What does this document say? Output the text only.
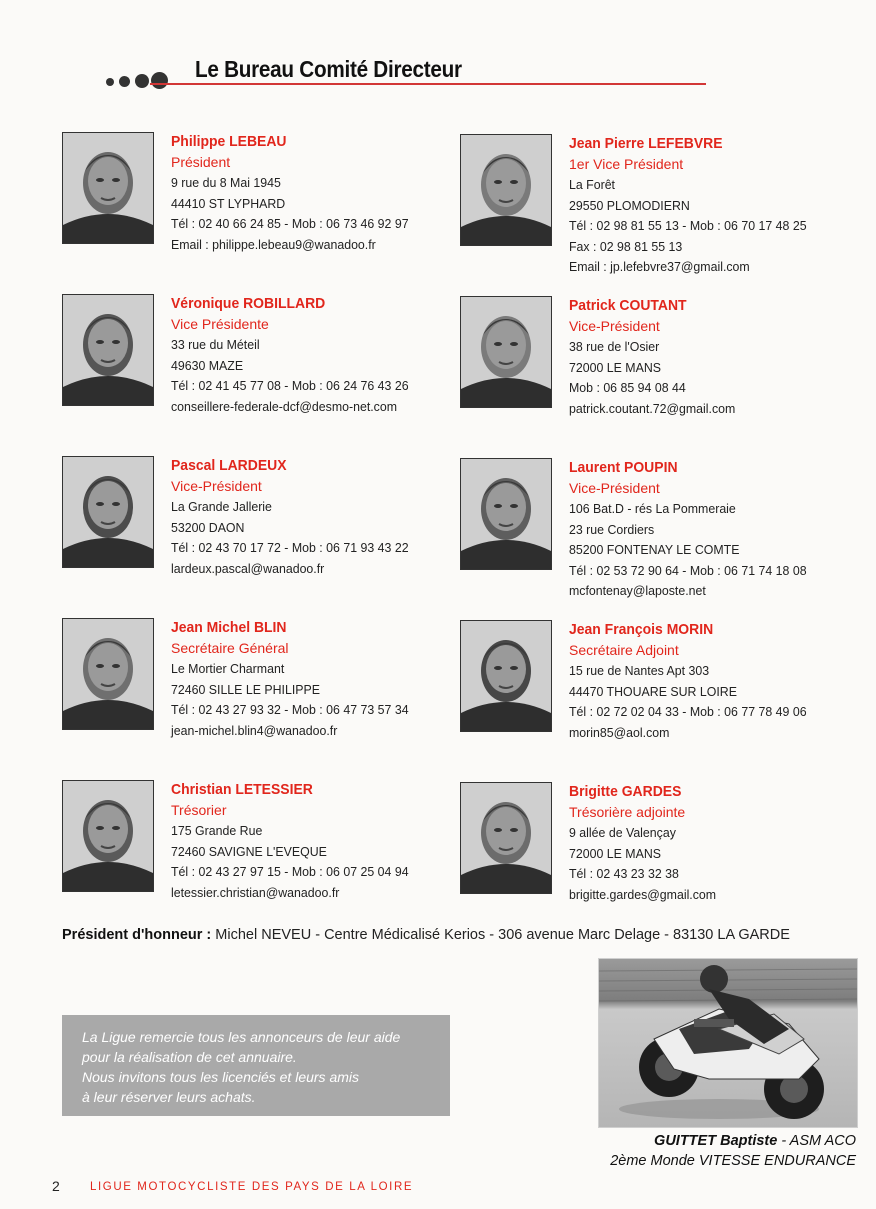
Le Bureau Comité Directeur
Philippe LEBEAU
Président
9 rue du 8 Mai 1945
44410 ST LYPHARD
Tél : 02 40 66 24 85 - Mob : 06 73 46 92 97
Email : philippe.lebeau9@wanadoo.fr
Jean Pierre LEFEBVRE
1er Vice Président
La Forêt
29550 PLOMODIERN
Tél : 02 98 81 55 13 - Mob : 06 70 17 48 25
Fax : 02 98 81 55 13
Email : jp.lefebvre37@gmail.com
Véronique ROBILLARD
Vice Présidente
33 rue du Méteil
49630 MAZE
Tél : 02 41 45 77 08 - Mob : 06 24 76 43 26
conseillere-federale-dcf@desmo-net.com
Patrick COUTANT
Vice-Président
38 rue de l'Osier
72000 LE MANS
Mob : 06 85 94 08 44
patrick.coutant.72@gmail.com
Pascal LARDEUX
Vice-Président
La Grande Jallerie
53200 DAON
Tél : 02 43 70 17 72 - Mob : 06 71 93 43 22
lardeux.pascal@wanadoo.fr
Laurent POUPIN
Vice-Président
106 Bat.D - rés La Pommeraie
23 rue Cordiers
85200 FONTENAY LE COMTE
Tél : 02 53 72 90 64 - Mob : 06 71 74 18 08
mcfontenay@laposte.net
Jean Michel BLIN
Secrétaire Général
Le Mortier Charmant
72460 SILLE LE PHILIPPE
Tél : 02 43 27 93 32 - Mob : 06 47 73 57 34
jean-michel.blin4@wanadoo.fr
Jean François MORIN
Secrétaire Adjoint
15 rue de Nantes Apt 303
44470 THOUARE SUR LOIRE
Tél : 02 72 02 04 33 - Mob : 06 77 78 49 06
morin85@aol.com
Christian LETESSIER
Trésorier
175 Grande Rue
72460 SAVIGNE L'EVEQUE
Tél : 02 43 27 97 15 - Mob : 06 07 25 04 94
letessier.christian@wanadoo.fr
Brigitte GARDES
Trésorière adjointe
9 allée de Valençay
72000 LE MANS
Tél : 02 43 23 32 38
brigitte.gardes@gmail.com
Président d'honneur : Michel NEVEU - Centre Médicalisé Kerios - 306 avenue Marc Delage - 83130 LA GARDE

La Ligue remercie tous les annonceurs de leur aide

pour la réalisation de cet annuaire.

Nous invitons tous les licenciés et leurs amis

à leur réserver leurs achats.

GUITTET Baptiste - ASM ACO
2ème Monde VITESSE ENDURANCE
2	LIGUE MOTOCYCLISTE DES PAYS DE LA LOIRE
